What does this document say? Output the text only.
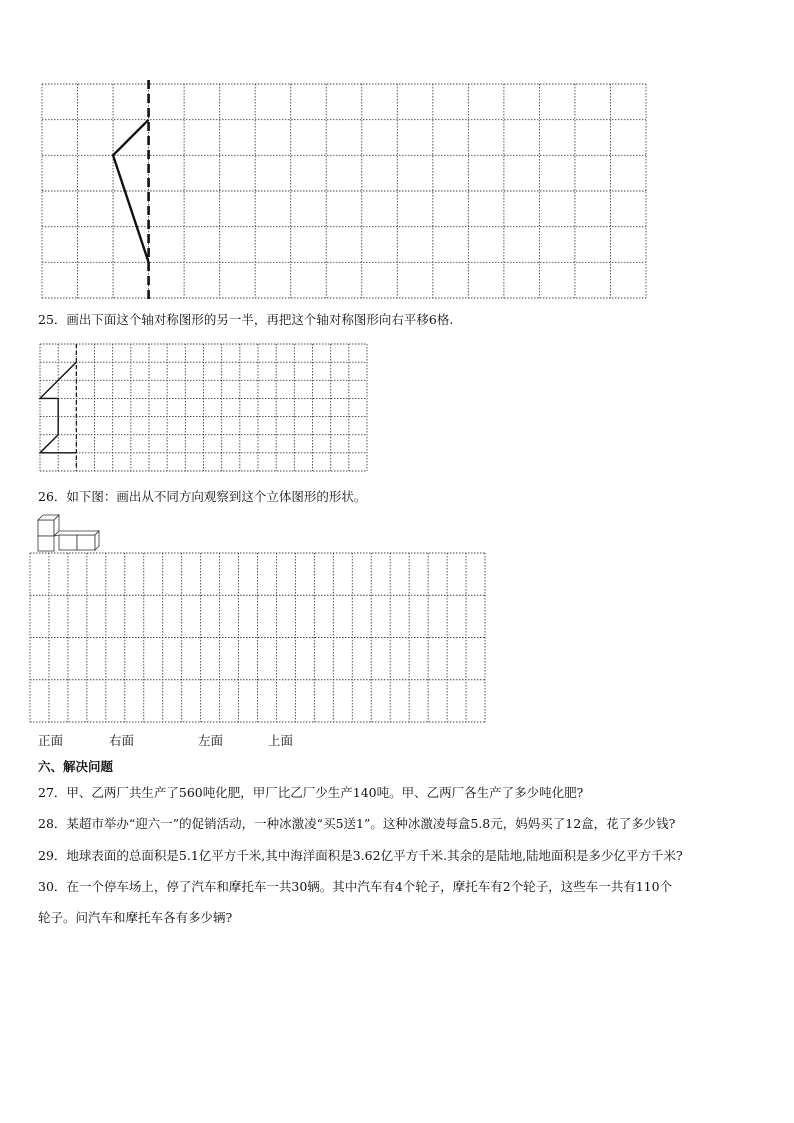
25．画出下面这个轴对称图形的另一半，再把这个轴对称图形向右平移6格.
26．如下图：画出从不同方向观察到这个立体图形的形状。
正面	右面	左面	上面
六、解决问题
27．甲、乙两厂共生产了560吨化肥，甲厂比乙厂少生产140吨。甲、乙两厂各生产了多少吨化肥?
28．某超市举办“迎六一”的促销活动，一种冰激凌“买5送1”。这种冰激凌每盒5.8元，妈妈买了12盒，花了多少钱?
29．地球表面的总面积是5.1亿平方千米,其中海洋面积是3.62亿平方千米.其余的是陆地,陆地面积是多少亿平方千米?
30．在一个停车场上，停了汽车和摩托车一共30辆。其中汽车有4个轮子，摩托车有2个轮子，这些车一共有110个
轮子。问汽车和摩托车各有多少辆?
